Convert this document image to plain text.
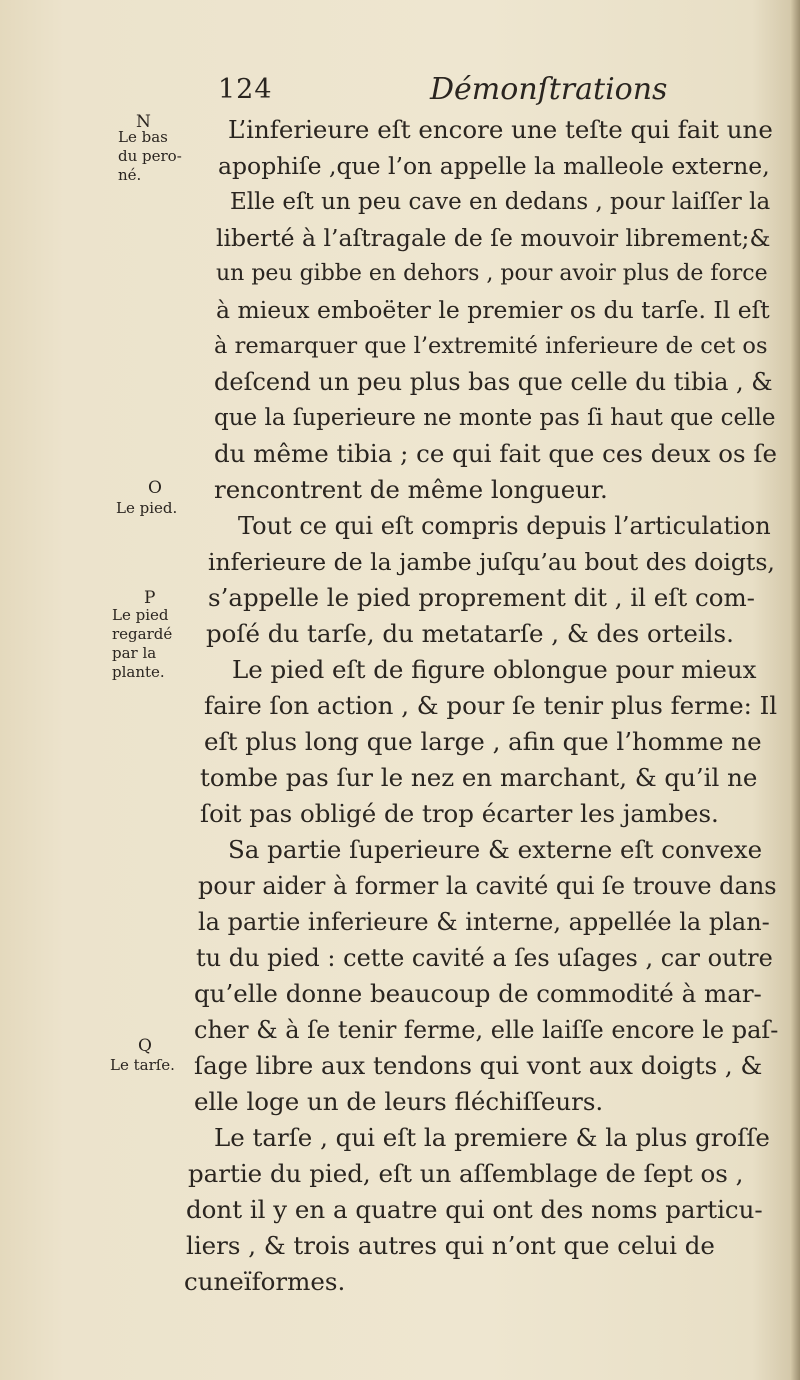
124	Démonſtrations
N
Le bas
du pero-
né.
O
Le pied.
P
Le pied
regardé
par la
plante.
Q
Le tarſe.
L’inferieure eſt encore une teſte qui fait une
apophiſe ,que l’on appelle la malleole externe,
Elle eſt un peu cave en dedans , pour laiſſer la
liberté à l’aſtragale de ſe mouvoir librement;&
un peu gibbe en dehors , pour avoir plus de force
à mieux emboëter le premier os du tarſe. Il eſt
à remarquer que l’extremité inferieure de cet os
deſcend un peu plus bas que celle du tibia , &
que la ſuperieure ne monte pas ſi haut que celle
du même tibia ; ce qui fait que ces deux os ſe
rencontrent de même longueur.
Tout ce qui eſt compris depuis l’articulation
inferieure de la jambe juſqu’au bout des doigts,
s’appelle le pied proprement dit , il eſt com-
poſé du tarſe, du metatarſe , & des orteils.
Le pied eſt de figure oblongue pour mieux
faire ſon action , & pour ſe tenir plus ferme: Il
eſt plus long que large , afin que l’homme ne
tombe pas ſur le nez en marchant, & qu’il ne
ſoit pas obligé de trop écarter les jambes.
Sa partie ſuperieure & externe eſt convexe
pour aider à former la cavité qui ſe trouve dans
la partie inferieure & interne, appellée la plan-
tu du pied : cette cavité a ſes uſages , car outre
qu’elle donne beaucoup de commodité à mar-
cher & à ſe tenir ferme, elle laiſſe encore le paſ-
ſage libre aux tendons qui vont aux doigts , &
elle loge un de leurs fléchiſſeurs.
Le tarſe , qui eſt la premiere & la plus groſſe
partie du pied, eſt un aſſemblage de ſept os ,
dont il y en a quatre qui ont des noms particu-
liers , & trois autres qui n’ont que celui de
cuneïformes.
